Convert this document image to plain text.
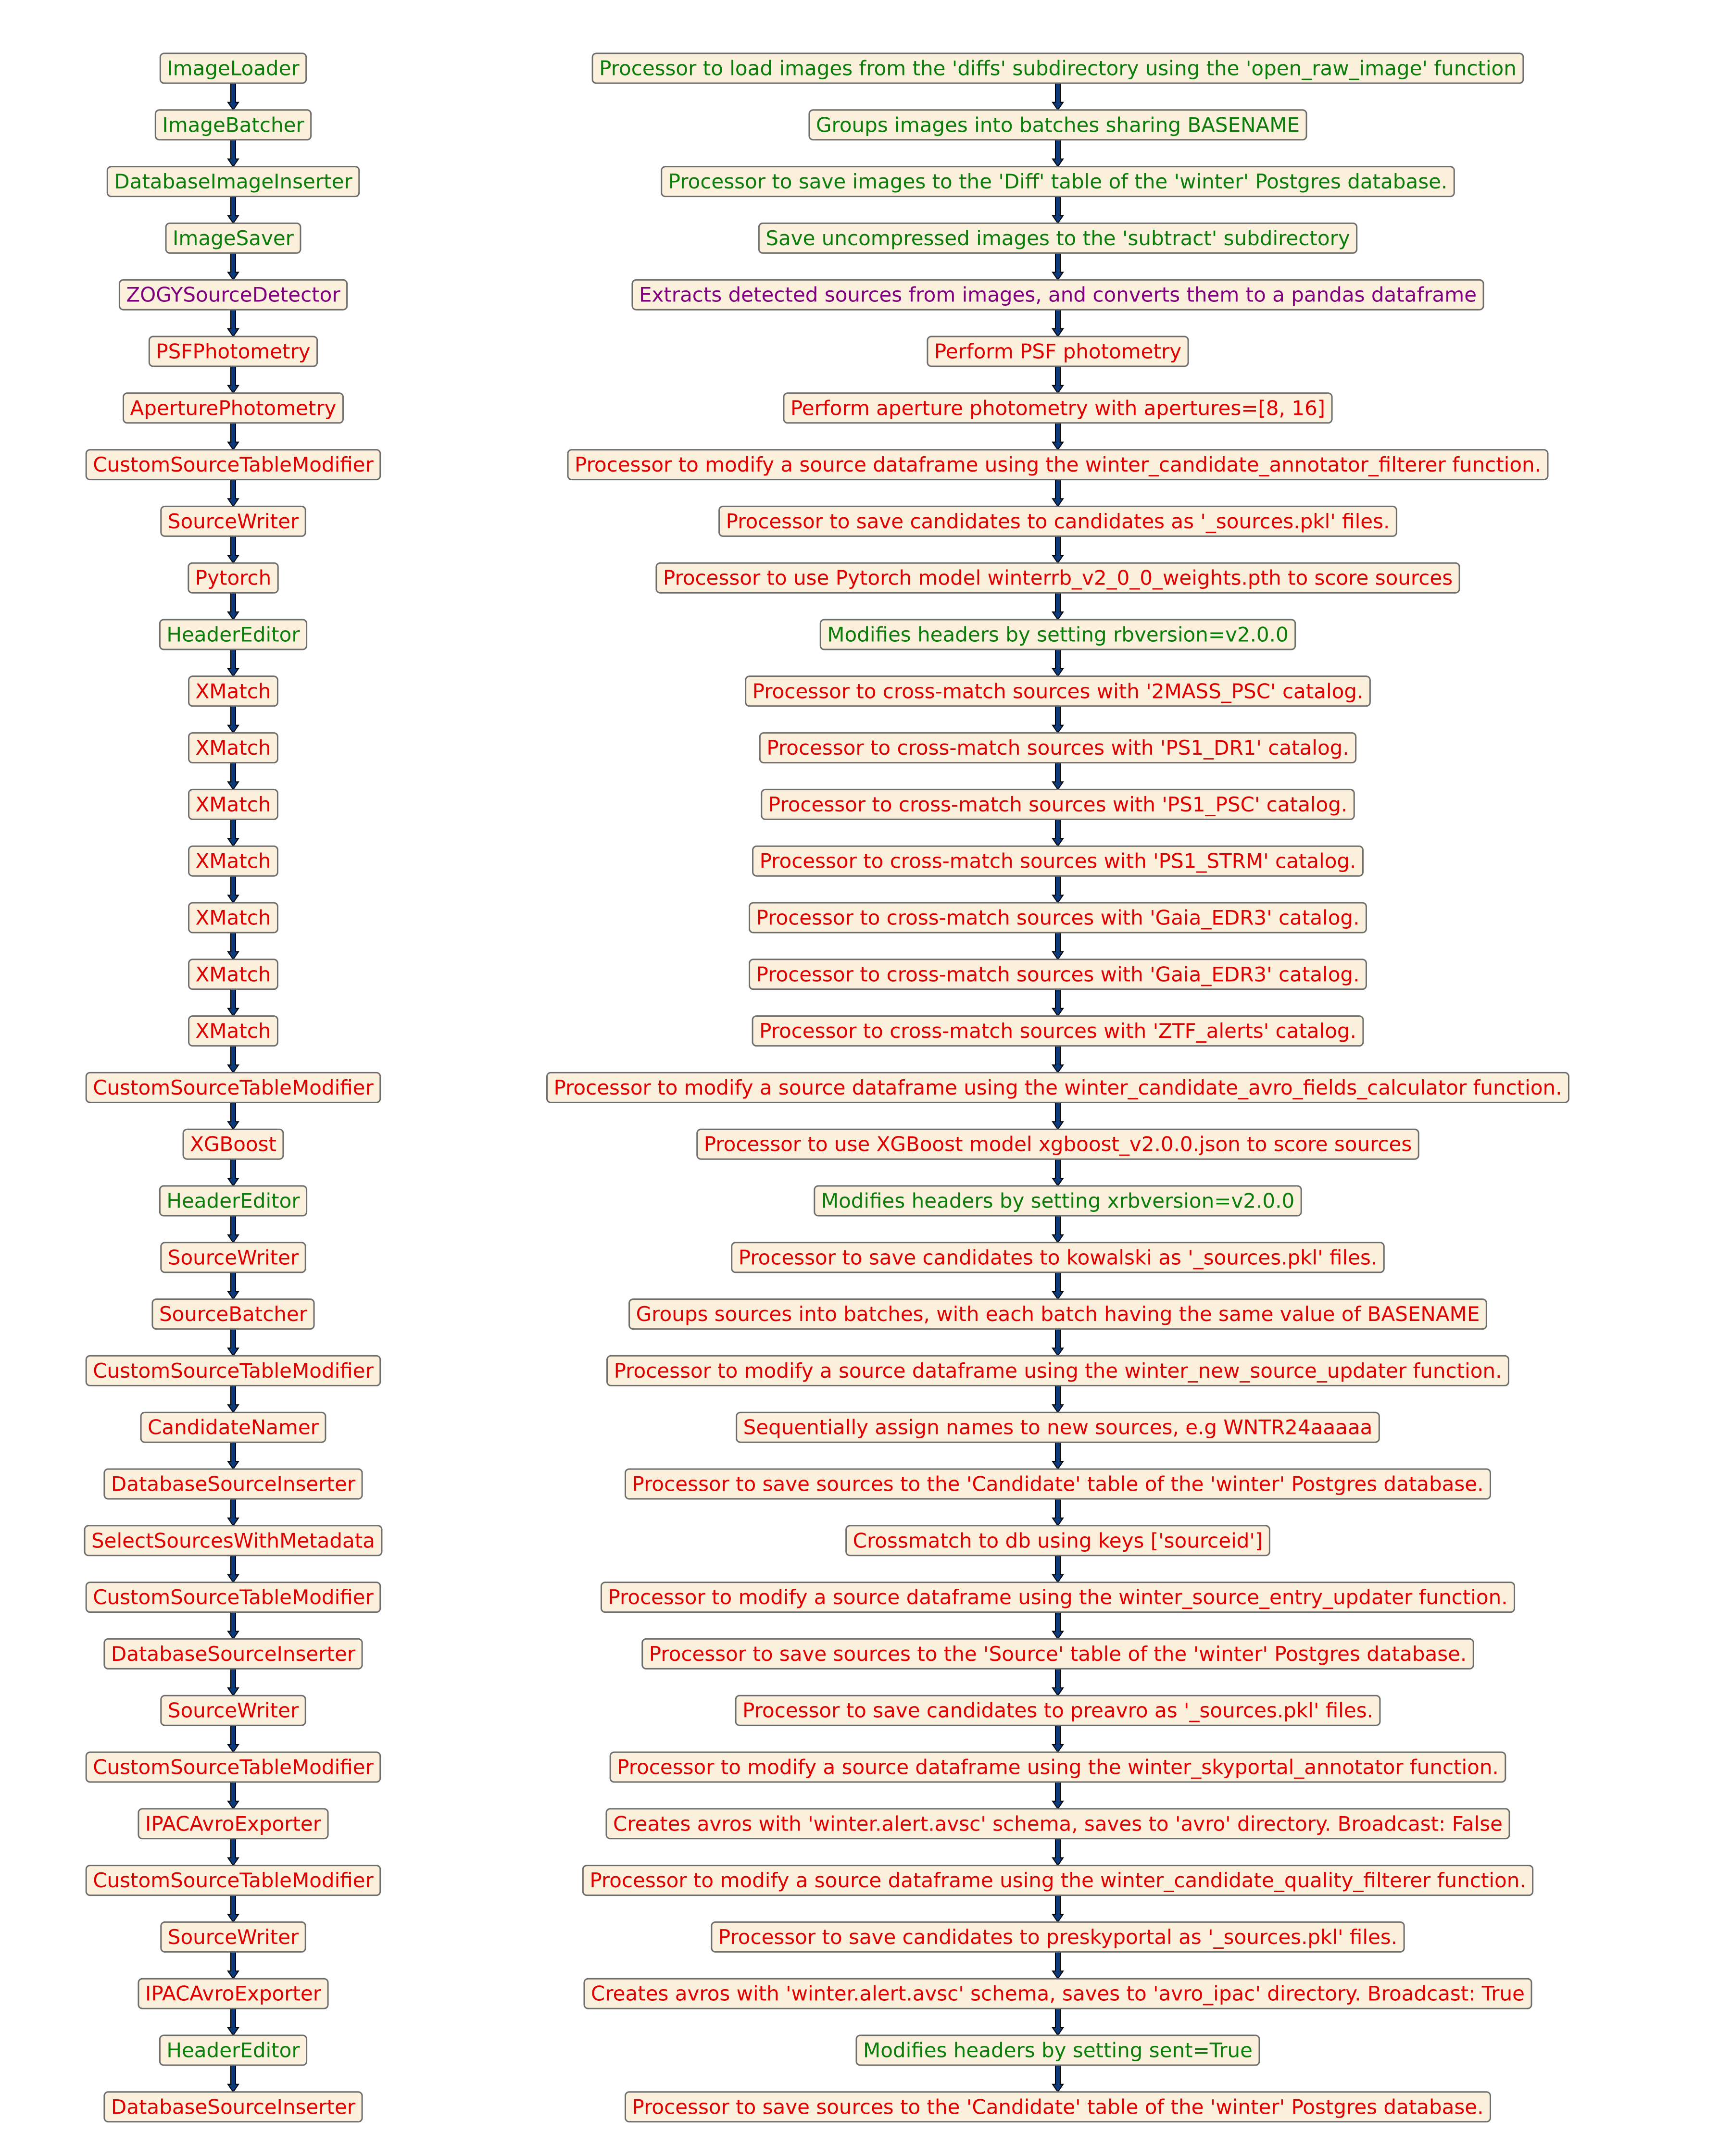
ImageLoader	Processor to load images from the 'diffs' subdirectory using the 'open_raw_image' function
ImageBatcher	Groups images into batches sharing BASENAME
DatabaseImageInserter	Processor to save images to the 'Diff' table of the 'winter' Postgres database.
ImageSaver	Save uncompressed images to the 'subtract' subdirectory
ZOGYSourceDetector	Extracts detected sources from images, and converts them to a pandas dataframe
PSFPhotometry	Perform PSF photometry
AperturePhotometry	Perform aperture photometry with apertures=[8, 16]
CustomSourceTableModifier	Processor to modify a source dataframe using the winter_candidate_annotator_filterer function.
SourceWriter	Processor to save candidates to candidates as '_sources.pkl' files.
Pytorch	Processor to use Pytorch model winterrb_v2_0_0_weights.pth to score sources
HeaderEditor	Modifies headers by setting rbversion=v2.0.0
XMatch	Processor to cross-match sources with '2MASS_PSC' catalog.
XMatch	Processor to cross-match sources with 'PS1_DR1' catalog.
XMatch	Processor to cross-match sources with 'PS1_PSC' catalog.
XMatch	Processor to cross-match sources with 'PS1_STRM' catalog.
XMatch	Processor to cross-match sources with 'Gaia_EDR3' catalog.
XMatch	Processor to cross-match sources with 'Gaia_EDR3' catalog.
XMatch	Processor to cross-match sources with 'ZTF_alerts' catalog.
CustomSourceTableModifier	Processor to modify a source dataframe using the winter_candidate_avro_fields_calculator function.
XGBoost	Processor to use XGBoost model xgboost_v2.0.0.json to score sources
HeaderEditor	Modifies headers by setting xrbversion=v2.0.0
SourceWriter	Processor to save candidates to kowalski as '_sources.pkl' files.
SourceBatcher	Groups sources into batches, with each batch having the same value of BASENAME
CustomSourceTableModifier	Processor to modify a source dataframe using the winter_new_source_updater function.
CandidateNamer	Sequentially assign names to new sources, e.g WNTR24aaaaa
DatabaseSourceInserter	Processor to save sources to the 'Candidate' table of the 'winter' Postgres database.
SelectSourcesWithMetadata	Crossmatch to db using keys ['sourceid']
CustomSourceTableModifier	Processor to modify a source dataframe using the winter_source_entry_updater function.
DatabaseSourceInserter	Processor to save sources to the 'Source' table of the 'winter' Postgres database.
SourceWriter	Processor to save candidates to preavro as '_sources.pkl' files.
CustomSourceTableModifier	Processor to modify a source dataframe using the winter_skyportal_annotator function.
IPACAvroExporter	Creates avros with 'winter.alert.avsc' schema, saves to 'avro' directory. Broadcast: False
CustomSourceTableModifier	Processor to modify a source dataframe using the winter_candidate_quality_filterer function.
SourceWriter	Processor to save candidates to preskyportal as '_sources.pkl' files.
IPACAvroExporter	Creates avros with 'winter.alert.avsc' schema, saves to 'avro_ipac' directory. Broadcast: True
HeaderEditor	Modifies headers by setting sent=True
DatabaseSourceInserter	Processor to save sources to the 'Candidate' table of the 'winter' Postgres database.
